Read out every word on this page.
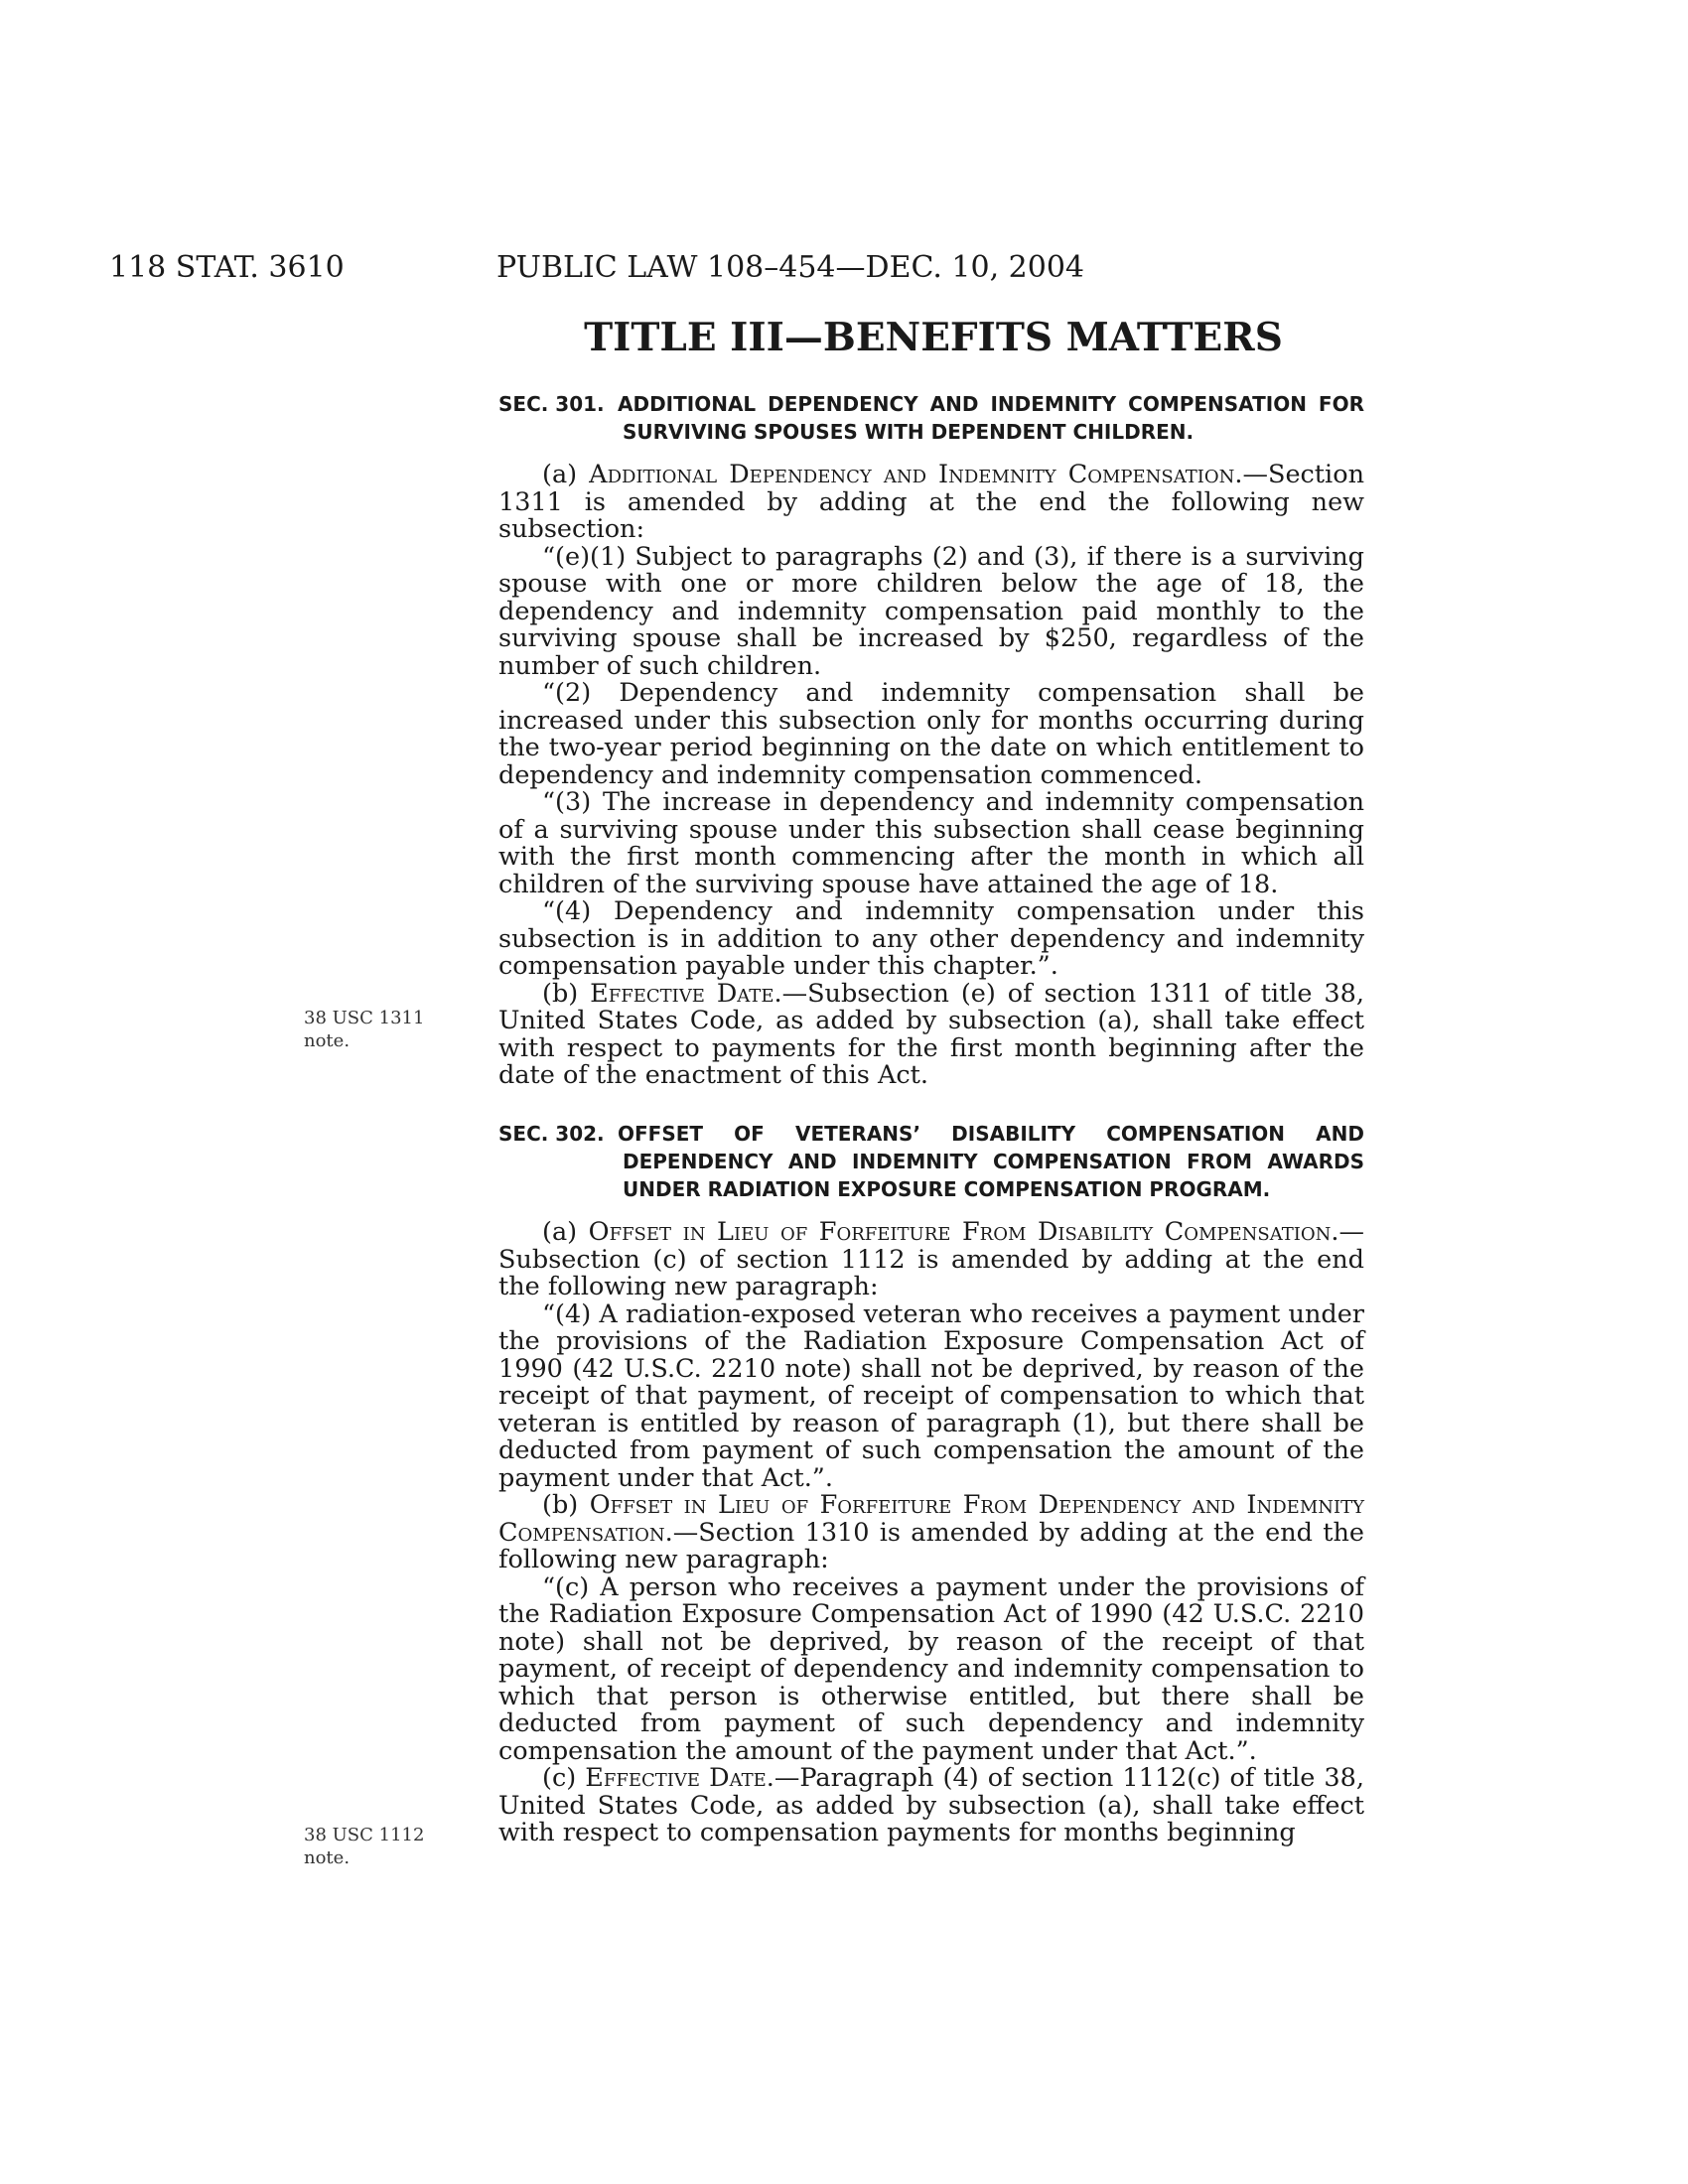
118 STAT. 3610	PUBLIC LAW 108–454—DEC. 10, 2004
TITLE III—BENEFITS MATTERS
SEC. 301. ADDITIONAL DEPENDENCY AND INDEMNITY COMPENSATION FOR SURVIVING SPOUSES WITH DEPENDENT CHILDREN.

(a) Additional Dependency and Indemnity Compensation.—Section 1311 is amended by adding at the end the following new subsection:

“(e)(1) Subject to paragraphs (2) and (3), if there is a surviving spouse with one or more children below the age of 18, the dependency and indemnity compensation paid monthly to the surviving spouse shall be increased by $250, regardless of the number of such children.

“(2) Dependency and indemnity compensation shall be increased under this subsection only for months occurring during the two-year period beginning on the date on which entitlement to dependency and indemnity compensation commenced.

“(3) The increase in dependency and indemnity compensation of a surviving spouse under this subsection shall cease beginning with the first month commencing after the month in which all children of the surviving spouse have attained the age of 18.

“(4) Dependency and indemnity compensation under this subsection is in addition to any other dependency and indemnity compensation payable under this chapter.”.

(b) Effective Date.—Subsection (e) of section 1311 of title 38, United States Code, as added by subsection (a), shall take effect with respect to payments for the first month beginning after the date of the enactment of this Act.

SEC. 302. OFFSET OF VETERANS’ DISABILITY COMPENSATION AND DEPENDENCY AND INDEMNITY COMPENSATION FROM AWARDS UNDER RADIATION EXPOSURE COMPENSATION PROGRAM.

(a) Offset in Lieu of Forfeiture From Disability Compensation.—Subsection (c) of section 1112 is amended by adding at the end the following new paragraph:

“(4) A radiation-exposed veteran who receives a payment under the provisions of the Radiation Exposure Compensation Act of 1990 (42 U.S.C. 2210 note) shall not be deprived, by reason of the receipt of that payment, of receipt of compensation to which that veteran is entitled by reason of paragraph (1), but there shall be deducted from payment of such compensation the amount of the payment under that Act.”.

(b) Offset in Lieu of Forfeiture From Dependency and Indemnity Compensation.—Section 1310 is amended by adding at the end the following new paragraph:

“(c) A person who receives a payment under the provisions of the Radiation Exposure Compensation Act of 1990 (42 U.S.C. 2210 note) shall not be deprived, by reason of the receipt of that payment, of receipt of dependency and indemnity compensation to which that person is otherwise entitled, but there shall be deducted from payment of such dependency and indemnity compensation the amount of the payment under that Act.”.

(c) Effective Date.—Paragraph (4) of section 1112(c) of title 38, United States Code, as added by subsection (a), shall take effect with respect to compensation payments for months beginning

38 USC 1311
note.
38 USC 1112
note.
